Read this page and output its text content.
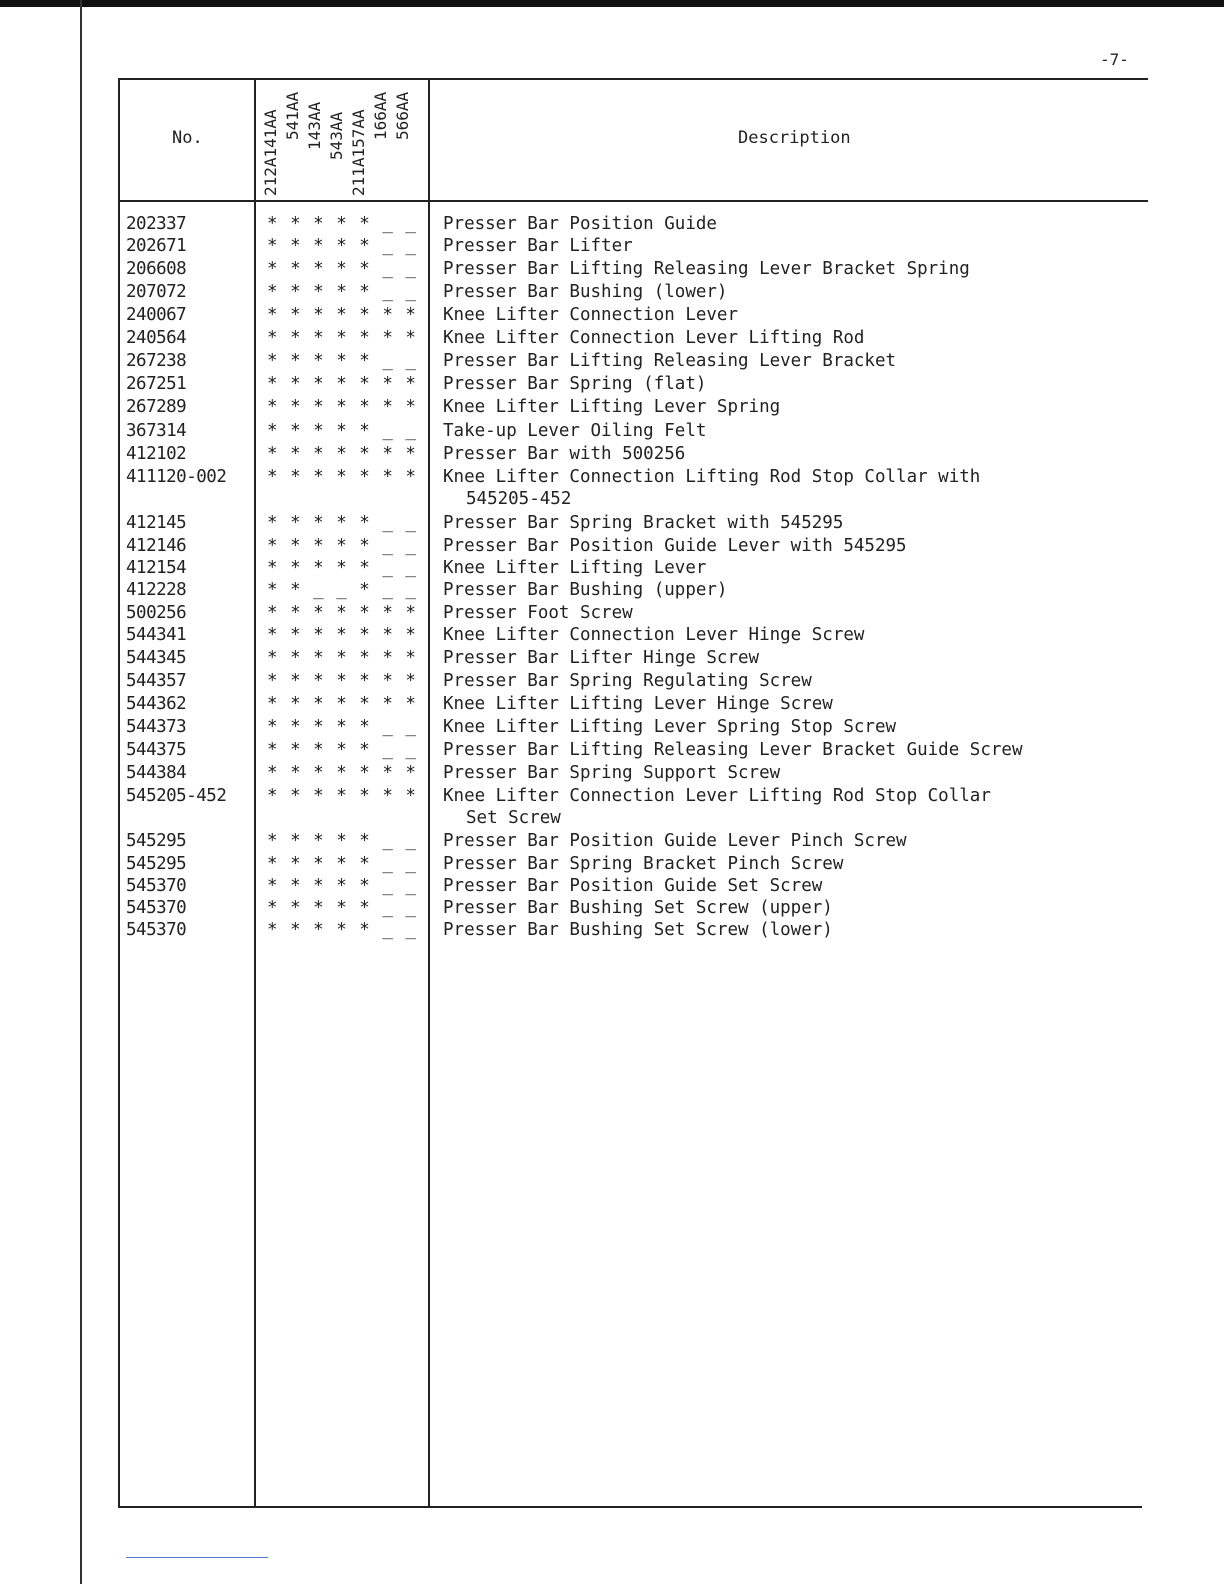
-7-
No.	212A141AA 541AA 143AA 543AA 211A157AA 166AA 566AA	Description
202337	* * * * * _ _ Presser Bar Position Guide
202671	* * * * * _ _ Presser Bar Lifter
206608	* * * * * _ _ Presser Bar Lifting Releasing Lever Bracket Spring
207072	* * * * * _ _ Presser Bar Bushing (lower)
240067	* * * * * * * Knee Lifter Connection Lever
240564	* * * * * * * Knee Lifter Connection Lever Lifting Rod
267238	* * * * * _ _ Presser Bar Lifting Releasing Lever Bracket
267251	* * * * * * * Presser Bar Spring (flat)
267289	* * * * * * * Knee Lifter Lifting Lever Spring
367314	* * * * * _ _ Take-up Lever Oiling Felt
412102	* * * * * * * Presser Bar with 500256
411120-002 * * * * * * * Knee Lifter Connection Lifting Rod Stop Collar with
545205-452
412145	* * * * * _ _ Presser Bar Spring Bracket with 545295
412146	* * * * * _ _ Presser Bar Position Guide Lever with 545295
412154	* * * * * _ _ Knee Lifter Lifting Lever
412228	* * _ _ * _ _ Presser Bar Bushing (upper)
500256	* * * * * * * Presser Foot Screw
544341	* * * * * * * Knee Lifter Connection Lever Hinge Screw
544345	* * * * * * * Presser Bar Lifter Hinge Screw
544357	* * * * * * * Presser Bar Spring Regulating Screw
544362	* * * * * * * Knee Lifter Lifting Lever Hinge Screw
544373	* * * * * _ _ Knee Lifter Lifting Lever Spring Stop Screw
544375	* * * * * _ _ Presser Bar Lifting Releasing Lever Bracket Guide Screw
544384	* * * * * * * Presser Bar Spring Support Screw
545205-452 * * * * * * * Knee Lifter Connection Lever Lifting Rod Stop Collar
Set Screw
545295	* * * * * _ _ Presser Bar Position Guide Lever Pinch Screw
545295	* * * * * _ _ Presser Bar Spring Bracket Pinch Screw
545370	* * * * * _ _ Presser Bar Position Guide Set Screw
545370	* * * * * _ _ Presser Bar Bushing Set Screw (upper)
545370	* * * * * _ _ Presser Bar Bushing Set Screw (lower)
